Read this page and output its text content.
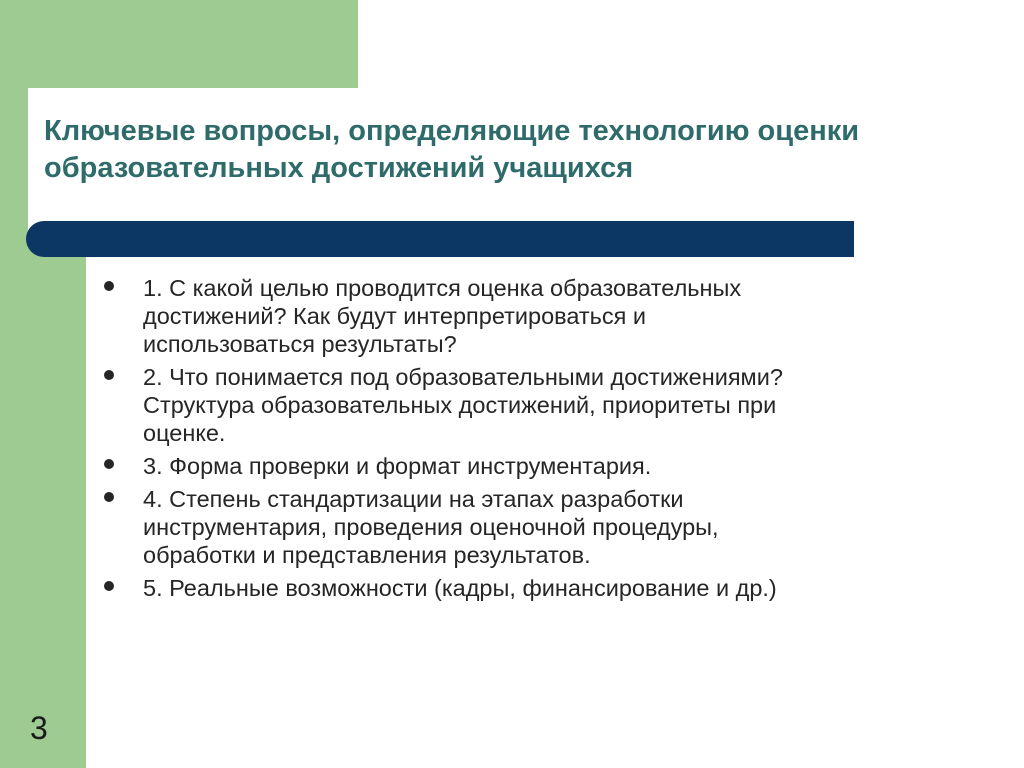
Ключевые вопросы, определяющие технологию оценки
образовательных достижений учащихся
1. С какой целью проводится оценка образовательных
достижений? Как будут интерпретироваться и
использоваться результаты?
2. Что понимается под образовательными достижениями?
Структура образовательных достижений, приоритеты при
оценке.
3. Форма проверки и формат инструментария.
4. Степень стандартизации на этапах разработки
инструментария, проведения оценочной процедуры,
обработки и представления результатов.
5. Реальные возможности (кадры, финансирование и др.)
3
